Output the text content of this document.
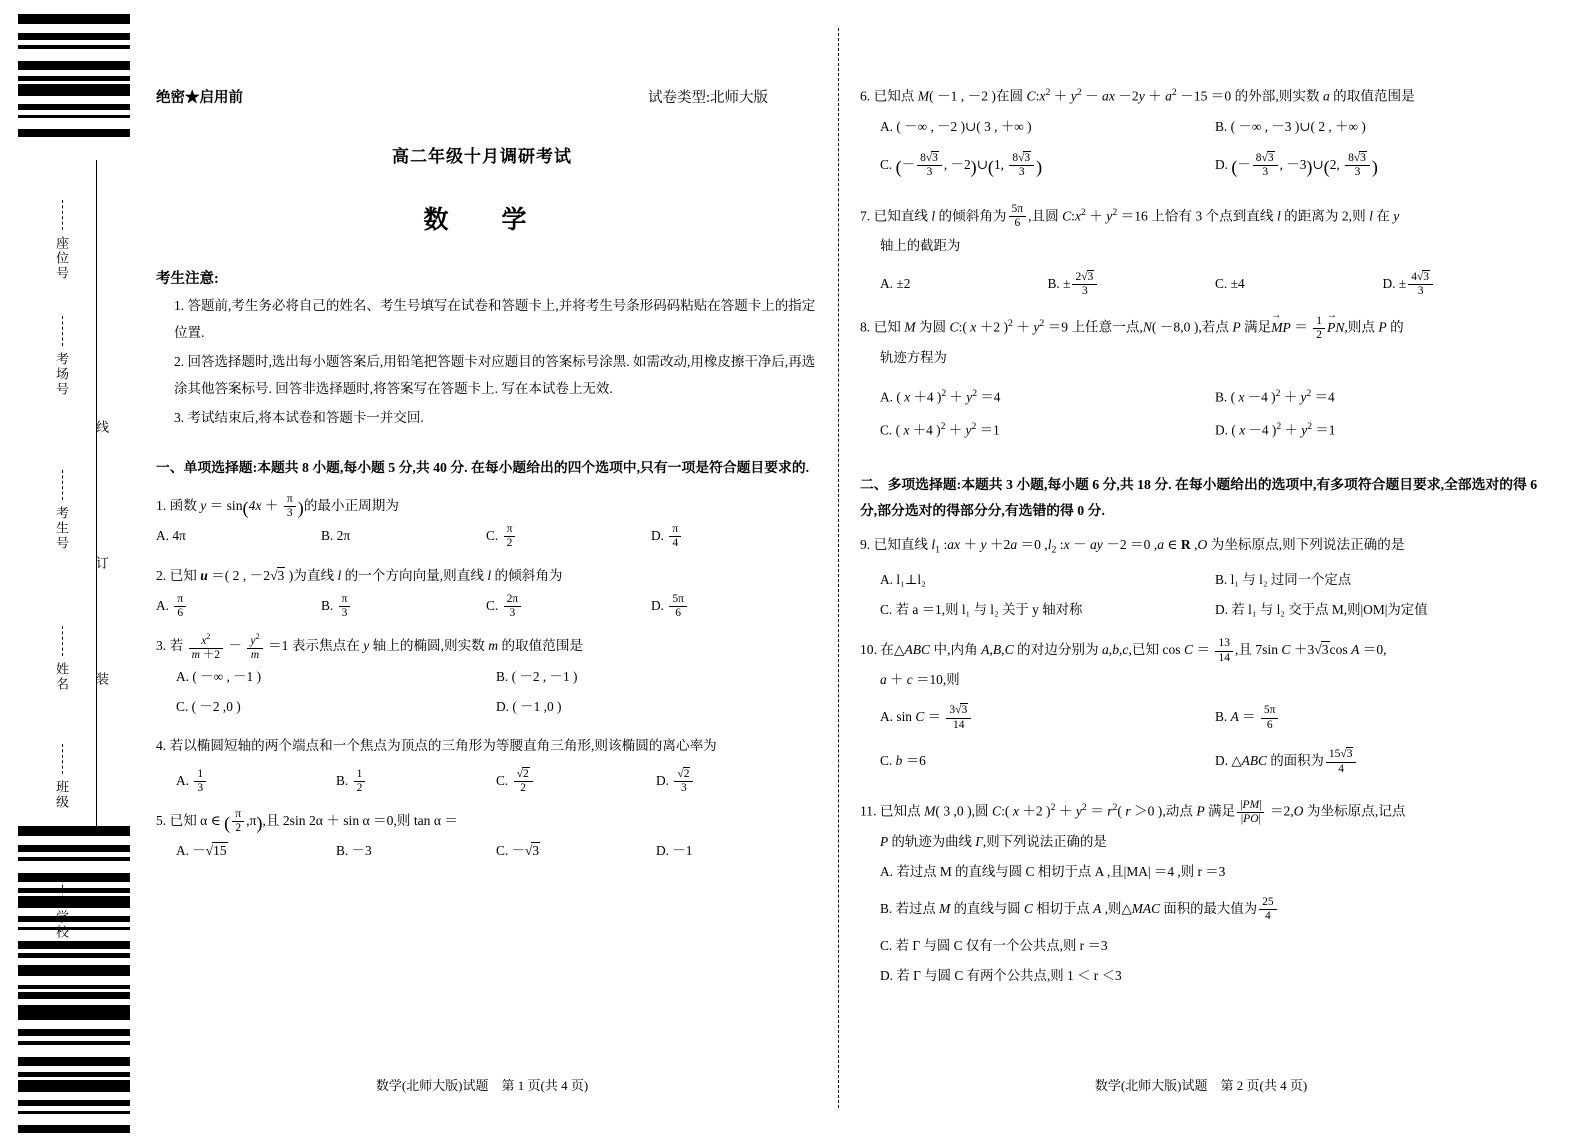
座位号
考场号
考生号
姓名
班级
学校
线
订
装
绝密★启用前	试卷类型:北师大版
高二年级十月调研考试
数　学
考生注意:

1. 答题前,考生务必将自己的姓名、考生号填写在试卷和答题卡上,并将考生号条形码码粘贴在答题卡上的指定位置.

2. 回答选择题时,选出每小题答案后,用铅笔把答题卡对应题目的答案标号涂黑. 如需改动,用橡皮擦干净后,再选涂其他答案标号. 回答非选择题时,将答案写在答题卡上. 写在本试卷上无效.

3. 考试结束后,将本试卷和答题卡一并交回.

一、单项选择题:本题共 8 小题,每小题 5 分,共 40 分. 在每小题给出的四个选项中,只有一项是符合题目要求的.
1. 函数 $y = \sin(4x + \frac{\pi}{3}$ )的最小正周期为
A. 4π	B. 2π	C. $\frac{\pi}{2}$	D. $\frac{\pi}{4}$
2. 已知 u ＝( 2 , －2√3 )为直线 l 的一个方向向量,则直线 l 的倾斜角为
A. $\frac{\pi}{6}$	B. $\frac{\pi}{3}$	C. $\frac{2\pi}{3}$	D. $\frac{5\pi}{6}$
3. 若 $\frac{x^2}{m +2} - \frac{y^2}{m} =1$ 表示焦点在 y 轴上的椭圆,则实数 m 的取值范围是
A. ( －∞ , －1 )	B. ( －2 , －1 )
C. ( －2 ,0 )	D. ( －1 ,0 )
4. 若以椭圆短轴的两个端点和一个焦点为顶点的三角形为等腰直角三角形,则该椭圆的离心率为
A. $\frac{1}{3}$	B. $\frac{1}{2}$	C. $\frac{√2}{2}$	D. $\frac{√2}{3}$
5. 已知 α ∈ ( $\frac{\pi}{2} ,\pi$),且 2sin 2α ＋ sin α ＝0,则 tan α ＝
A. －√15	B. －3	C. －√3	D. －1
数学(北师大版)试题　第 1 页(共 4 页)
6. 已知点 M( －1 , －2 )在圆 $C:x^2 + y^2$ － ax $-2y + a^2 -15 =0$ 的外部,则实数 a 的取值范围是
A. ( －∞ , －2 )∪( 3 , ＋∞ )	B. ( －∞ , －3 )∪( 2 , ＋∞ )
C. (－ $\frac{8√3}{3}$ , －2)∪(1, $\frac{8√3}{3}$ )	D. (－ $\frac{8√3}{3}$ , －3)∪(2, $\frac{8√3}{3}$ )
7. 已知直线 l 的倾斜角为 $\frac{5\pi}{6}$ ,且圆 $C:x^2 + y^2 =16$ 上恰有 3 个点到直线 l 的距离为 2,则 l 在 y
轴上的截距为
A. ±2	B. ± $\frac{2√3}{3}$	C. ±4	D. ± $\frac{4√3}{3}$
8. 已知 M 为圆 C:( x ＋2 )$^2 + y^2 =9$ 上任意一点,N( －8,0 ),若点 P 满足MP → ＝ $\frac{1}{2}$ PN →,则点 P 的
轨迹方程为
A. ( x ＋4 )$^2 + y^2 =4$	B. ( x －4 )$^2 + y^2 =4$
C. ( x ＋4 )$^2 + y^2 =1$	D. ( x －4 )$^2 + y^2 =1$
二、多项选择题:本题共 3 小题,每小题 6 分,共 18 分. 在每小题给出的选项中,有多项符合题目要求,全部选对的得 6 分,部分选对的得部分分,有选错的得 0 分.
9. 已知直线 $l_1$ :ax ＋ y ＋2a ＝0 $,l_2$ :x － ay －2 ＝0 ,a ∈ R ,O 为坐标原点,则下列说法正确的是
A. l₁⊥l₂	B. l₁ 与 l₂ 过同一个定点
C. 若 a ＝1,则 l₁ 与 l₂ 关于 y 轴对称	D. 若 l₁ 与 l₂ 交于点 M,则|OM|为定值
10. 在△ABC 中,内角 A,B,C 的对边分别为 a,b,c,已知 $\cos C = \frac{13}{14}$ ,且 7sin C ＋3√3cos A ＝0,
a ＋ c ＝10,则
A. $\sin C = \frac{3√3}{14}$	B. $A = \frac{5\pi}{6}$
C. b ＝6	D. △ABC 的面积为 $\frac{15√3}{4}$
11. 已知点 M( 3 ,0 ),圆 C:( x ＋2 )$^2 + y^2 = r^2$( r ＞0 ),动点 P 满足 $\frac{|PM|}{|PO|} =2,O$ 为坐标原点,记点
P 的轨迹为曲线 Γ,则下列说法正确的是
A. 若过点 M 的直线与圆 C 相切于点 A ,且|MA| ＝4 ,则 r ＝3
B. 若过点 M 的直线与圆 C 相切于点 A ,则△MAC 面积的最大值为 $\frac{25}{4}$
C. 若 Γ 与圆 C 仅有一个公共点,则 r ＝3
D. 若 Γ 与圆 C 有两个公共点,则 1 ＜ r ＜3
数学(北师大版)试题　第 2 页(共 4 页)
